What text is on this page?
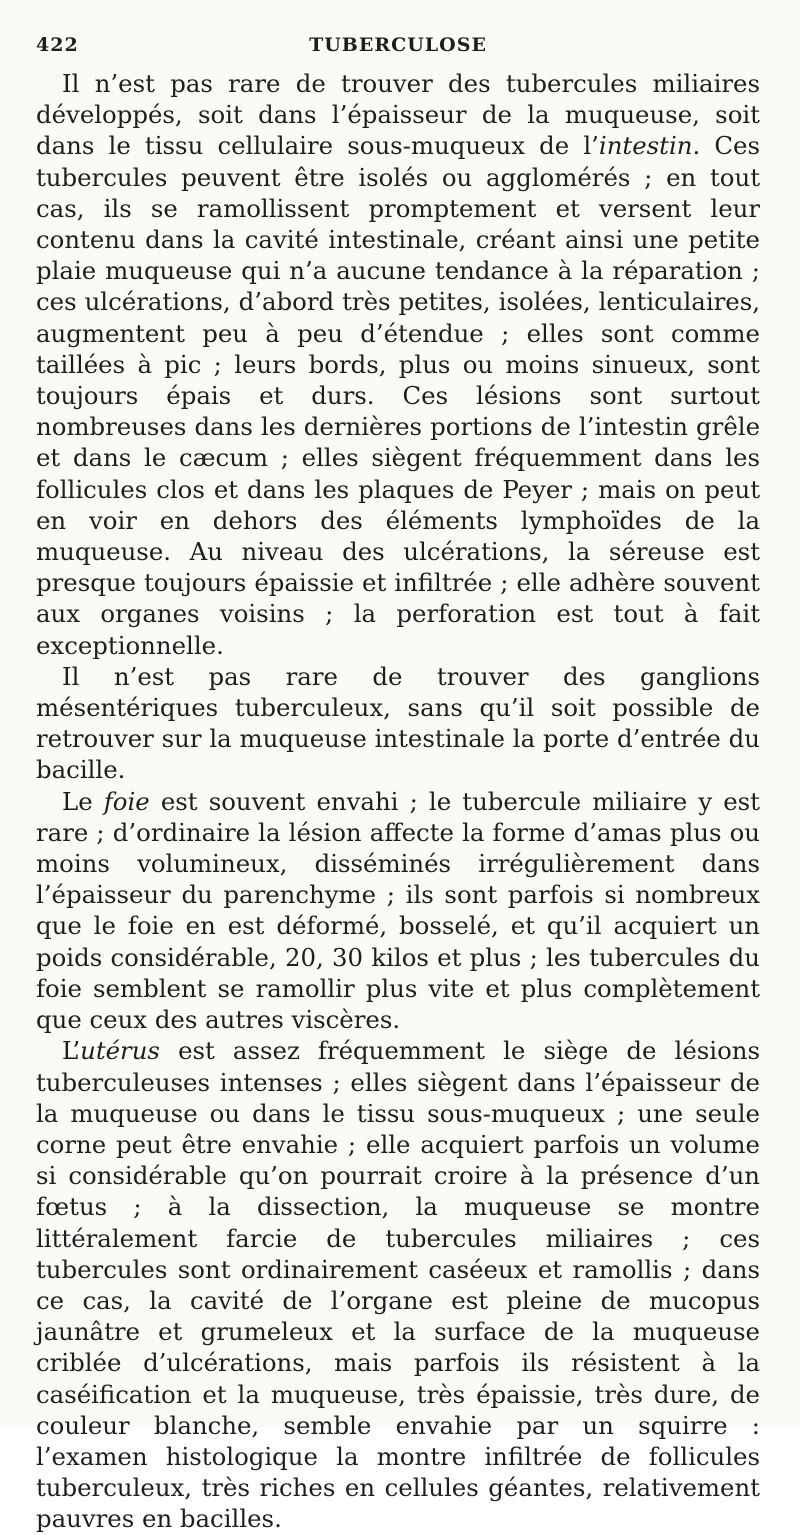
422	TUBERCULOSE

Il n’est pas rare de trouver des tubercules miliaires développés, soit dans l’épaisseur de la muqueuse, soit dans le tissu cellulaire sous-muqueux de l’intestin. Ces tubercules peuvent être isolés ou agglomérés ; en tout cas, ils se ramollissent promptement et versent leur contenu dans la cavité intestinale, créant ainsi une petite plaie muqueuse qui n’a aucune tendance à la réparation ; ces ulcérations, d’abord très petites, isolées, lenticulaires, augmentent peu à peu d’étendue ; elles sont comme taillées à pic ; leurs bords, plus ou moins sinueux, sont toujours épais et durs. Ces lésions sont surtout nombreuses dans les dernières portions de l’intestin grêle et dans le cæcum ; elles siègent fréquemment dans les follicules clos et dans les plaques de Peyer ; mais on peut en voir en dehors des éléments lymphoïdes de la muqueuse. Au niveau des ulcérations, la séreuse est presque toujours épaissie et infiltrée ; elle adhère souvent aux organes voisins ; la perforation est tout à fait exceptionnelle.

Il n’est pas rare de trouver des ganglions mésentériques tuberculeux, sans qu’il soit possible de retrouver sur la muqueuse intestinale la porte d’entrée du bacille.

Le foie est souvent envahi ; le tubercule miliaire y est rare ; d’ordinaire la lésion affecte la forme d’amas plus ou moins volumineux, disséminés irrégulièrement dans l’épaisseur du parenchyme ; ils sont parfois si nombreux que le foie en est déformé, bosselé, et qu’il acquiert un poids considérable, 20, 30 kilos et plus ; les tubercules du foie semblent se ramollir plus vite et plus complètement que ceux des autres viscères.

L’utérus est assez fréquemment le siège de lésions tuberculeuses intenses ; elles siègent dans l’épaisseur de la muqueuse ou dans le tissu sous-muqueux ; une seule corne peut être envahie ; elle acquiert parfois un volume si considérable qu’on pourrait croire à la présence d’un fœtus ; à la dissection, la muqueuse se montre littéralement farcie de tubercules miliaires ; ces tubercules sont ordinairement caséeux et ramollis ; dans ce cas, la cavité de l’organe est pleine de mucopus jaunâtre et grumeleux et la surface de la muqueuse criblée d’ulcérations, mais parfois ils résistent à la caséification et la muqueuse, très épaissie, très dure, de couleur blanche, semble envahie par un squirre : l’examen histologique la montre infiltrée de follicules tuberculeux, très riches en cellules géantes, relativement pauvres en bacilles.
